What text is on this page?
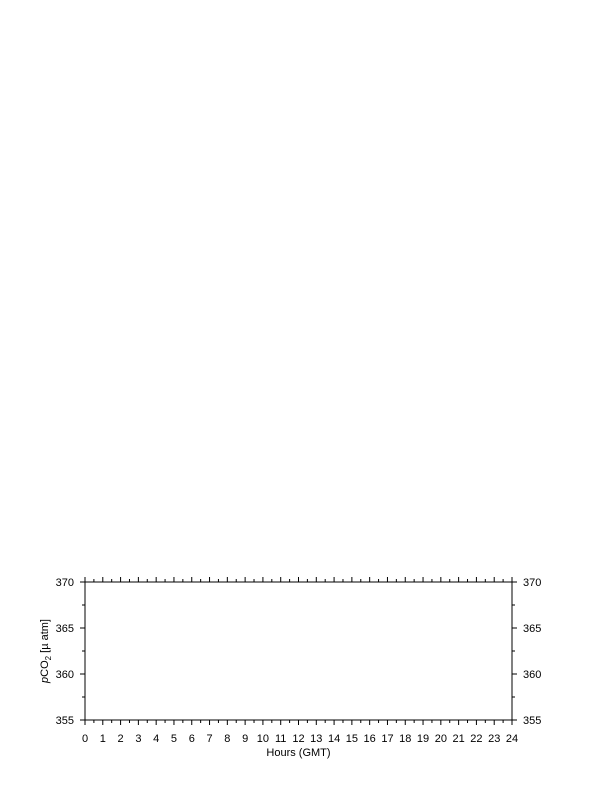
0 1 2 3 4 5 6 7 8 9 10 11 12 13 14 15 16 17 18 19 20 21 22 23 24
355	355
360	360
365	365
370	370
Hours (GMT)
pCO$_2$ [µ atm]
